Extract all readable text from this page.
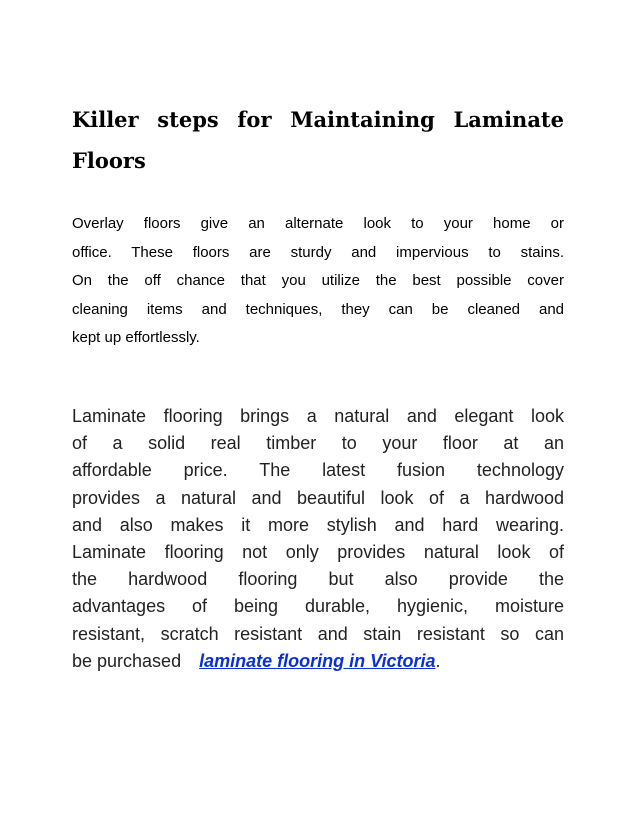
Killer steps for Maintaining Laminate Floors

Overlay floors give an alternate look to your home or
office. These floors are sturdy and impervious to stains.
On the off chance that you utilize the best possible cover
cleaning items and techniques, they can be cleaned and
kept up effortlessly.

Laminate flooring brings a natural and elegant look
of a solid real timber to your floor at an
affordable price. The latest fusion technology
provides a natural and beautiful look of a hardwood
and also makes it more stylish and hard wearing.
Laminate flooring not only provides natural look of
the hardwood flooring but also provide the
advantages of being durable, hygienic, moisture
resistant, scratch resistant and stain resistant so can
be purchased laminate flooring in Victoria.
